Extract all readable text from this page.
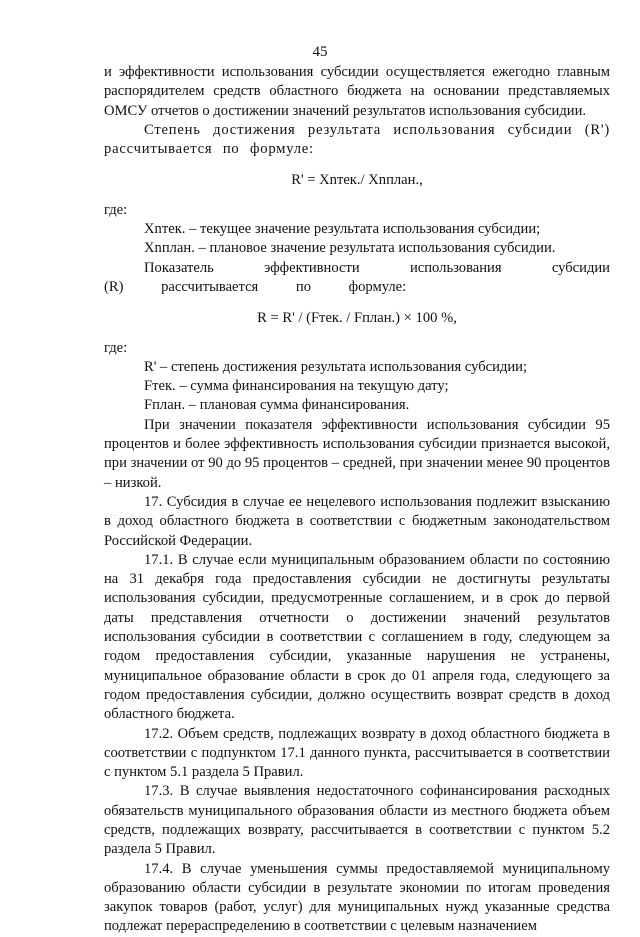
45

и эффективности использования субсидии осуществляется ежегодно главным распорядителем средств областного бюджета на основании представляемых ОМСУ отчетов о достижении значений результатов использования субсидии.

Степень достижения результата использования субсидии (R') рассчитывается по формуле:

R' = Xnтек./ Xnплан.,

где:

Xnтек. – текущее значение результата использования субсидии;

Xnплан. – плановое значение результата использования субсидии.

Показатель эффективности использования субсидии (R) рассчитывается по формуле:

R = R' / (Fтек. / Fплан.) × 100 %,

где:

R' – степень достижения результата использования субсидии;

Fтек. – сумма финансирования на текущую дату;

Fплан. – плановая сумма финансирования.

При значении показателя эффективности использования субсидии 95 процентов и более эффективность использования субсидии признается высокой, при значении от 90 до 95 процентов – средней, при значении менее 90 процентов – низкой.

17. Субсидия в случае ее нецелевого использования подлежит взысканию в доход областного бюджета в соответствии с бюджетным законодательством Российской Федерации.

17.1. В случае если муниципальным образованием области по состоянию на 31 декабря года предоставления субсидии не достигнуты результаты использования субсидии, предусмотренные соглашением, и в срок до первой даты представления отчетности о достижении значений результатов использования субсидии в соответствии с соглашением в году, следующем за годом предоставления субсидии, указанные нарушения не устранены, муниципальное образование области в срок до 01 апреля года, следующего за годом предоставления субсидии, должно осуществить возврат средств в доход областного бюджета.

17.2. Объем средств, подлежащих возврату в доход областного бюджета в соответствии с подпунктом 17.1 данного пункта, рассчитывается в соответствии с пунктом 5.1 раздела 5 Правил.

17.3. В случае выявления недостаточного софинансирования расходных обязательств муниципального образования области из местного бюджета объем средств, подлежащих возврату, рассчитывается в соответствии с пунктом 5.2 раздела 5 Правил.

17.4. В случае уменьшения суммы предоставляемой муниципальному образованию области субсидии в результате экономии по итогам проведения закупок товаров (работ, услуг) для муниципальных нужд указанные средства подлежат перераспределению в соответствии с целевым назначением
